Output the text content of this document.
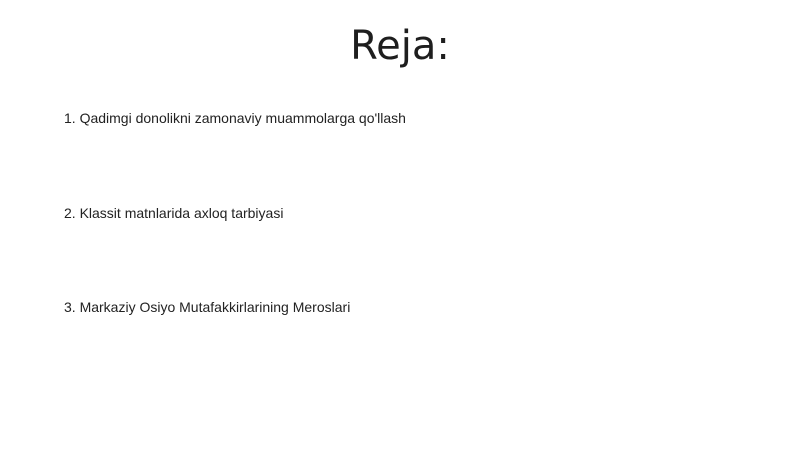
Reja:
1. Qadimgi donolikni zamonaviy muammolarga qo'llash
2. Klassit matnlarida axloq tarbiyasi
3. Markaziy Osiyo Mutafakkirlarining Meroslari
